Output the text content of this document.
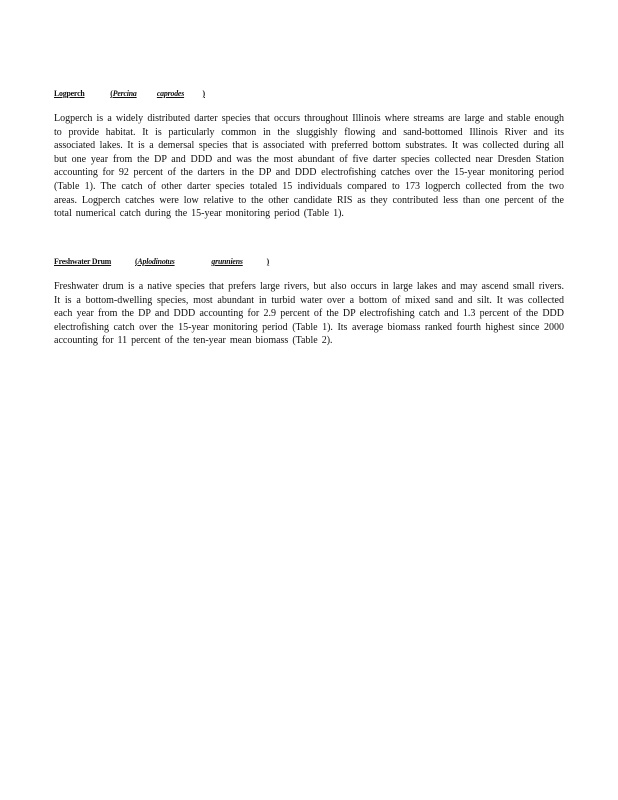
Logperch	(Percina caprodes )
Logperch is a widely distributed darter species that occurs throughout Illinois where streams are large and stable enough to provide habitat. It is particularly common in the sluggishly flowing and sand-bottomed Illinois River and its associated lakes. It is a demersal species that is associated with preferred bottom substrates. It was collected during all but one year from the DP and DDD and was the most abundant of five darter species collected near Dresden Station accounting for 92 percent of the darters in the DP and DDD electrofishing catches over the 15-year monitoring period (Table 1). The catch of other darter species totaled 15 individuals compared to 173 logperch collected from the two areas. Logperch catches were low relative to the other candidate RIS as they contributed less than one percent of the total numerical catch during the 15-year monitoring period (Table 1).
Freshwater Drum	(Aplodinotus	grunniens	)
Freshwater drum is a native species that prefers large rivers, but also occurs in large lakes and may ascend small rivers. It is a bottom-dwelling species, most abundant in turbid water over a bottom of mixed sand and silt. It was collected each year from the DP and DDD accounting for 2.9 percent of the DP electrofishing catch and 1.3 percent of the DDD electrofishing catch over the 15-year monitoring period (Table 1). Its average biomass ranked fourth highest since 2000 accounting for 11 percent of the ten-year mean biomass (Table 2).
